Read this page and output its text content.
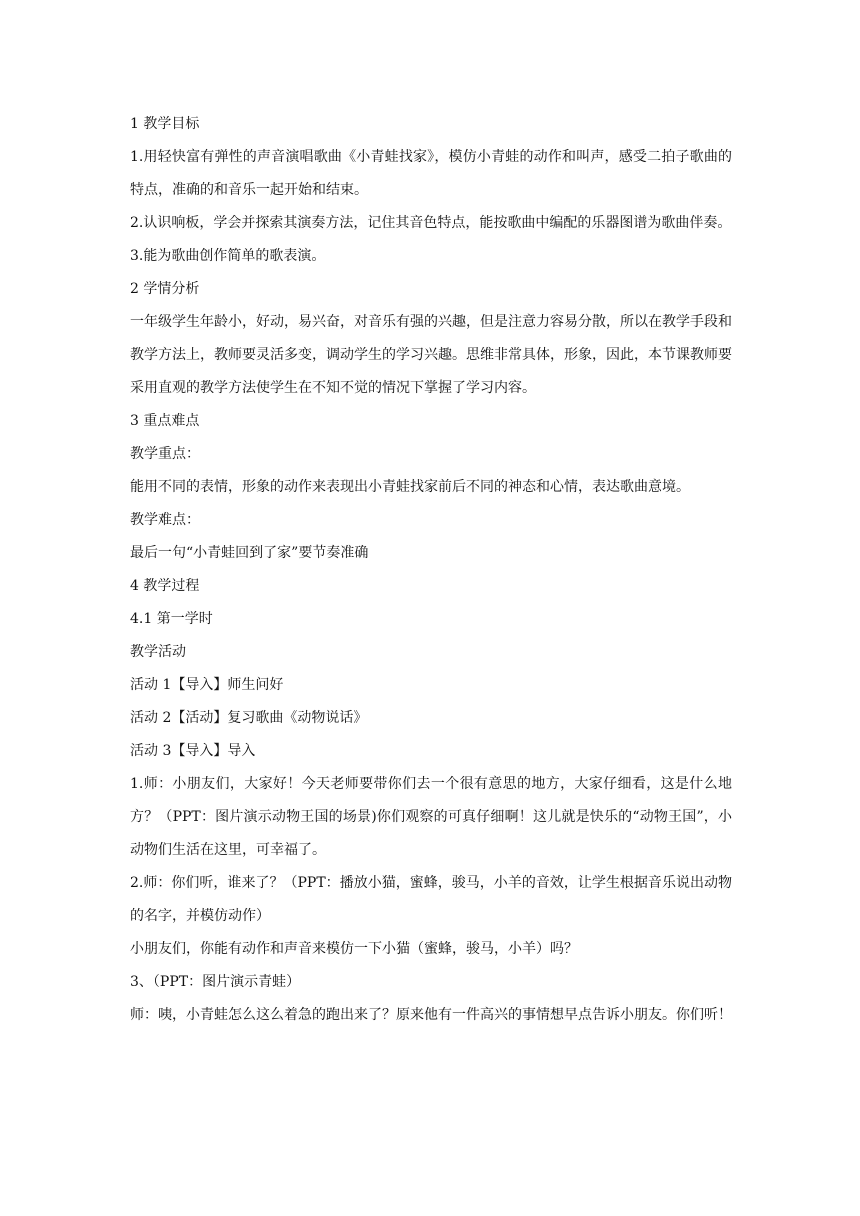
1 教学目标

1.用轻快富有弹性的声音演唱歌曲《小青蛙找家》，模仿小青蛙的动作和叫声，感受二拍子歌曲的特点，准确的和音乐一起开始和结束。

2.认识响板，学会并探索其演奏方法，记住其音色特点，能按歌曲中编配的乐器图谱为歌曲伴奏。

3.能为歌曲创作简单的歌表演。

2 学情分析

一年级学生年龄小，好动，易兴奋，对音乐有强的兴趣，但是注意力容易分散，所以在教学手段和教学方法上，教师要灵活多变，调动学生的学习兴趣。思维非常具体，形象，因此，本节课教师要采用直观的教学方法使学生在不知不觉的情况下掌握了学习内容。

3 重点难点

教学重点：

能用不同的表情，形象的动作来表现出小青蛙找家前后不同的神态和心情，表达歌曲意境。

教学难点：

最后一句“小青蛙回到了家”要节奏准确

4 教学过程

4.1 第一学时

教学活动

活动 1【导入】师生问好

活动 2【活动】复习歌曲《动物说话》

活动 3【导入】导入

1.师：小朋友们，大家好！今天老师要带你们去一个很有意思的地方，大家仔细看，这是什么地方？（PPT：图片演示动物王国的场景)你们观察的可真仔细啊！这儿就是快乐的“动物王国”，小动物们生活在这里，可幸福了。

2.师：你们听，谁来了？（PPT：播放小猫，蜜蜂，骏马，小羊的音效，让学生根据音乐说出动物的名字，并模仿动作）

小朋友们，你能有动作和声音来模仿一下小猫（蜜蜂，骏马，小羊）吗？

3、（PPT：图片演示青蛙）

师：咦，小青蛙怎么这么着急的跑出来了？原来他有一件高兴的事情想早点告诉小朋友。你们听！
